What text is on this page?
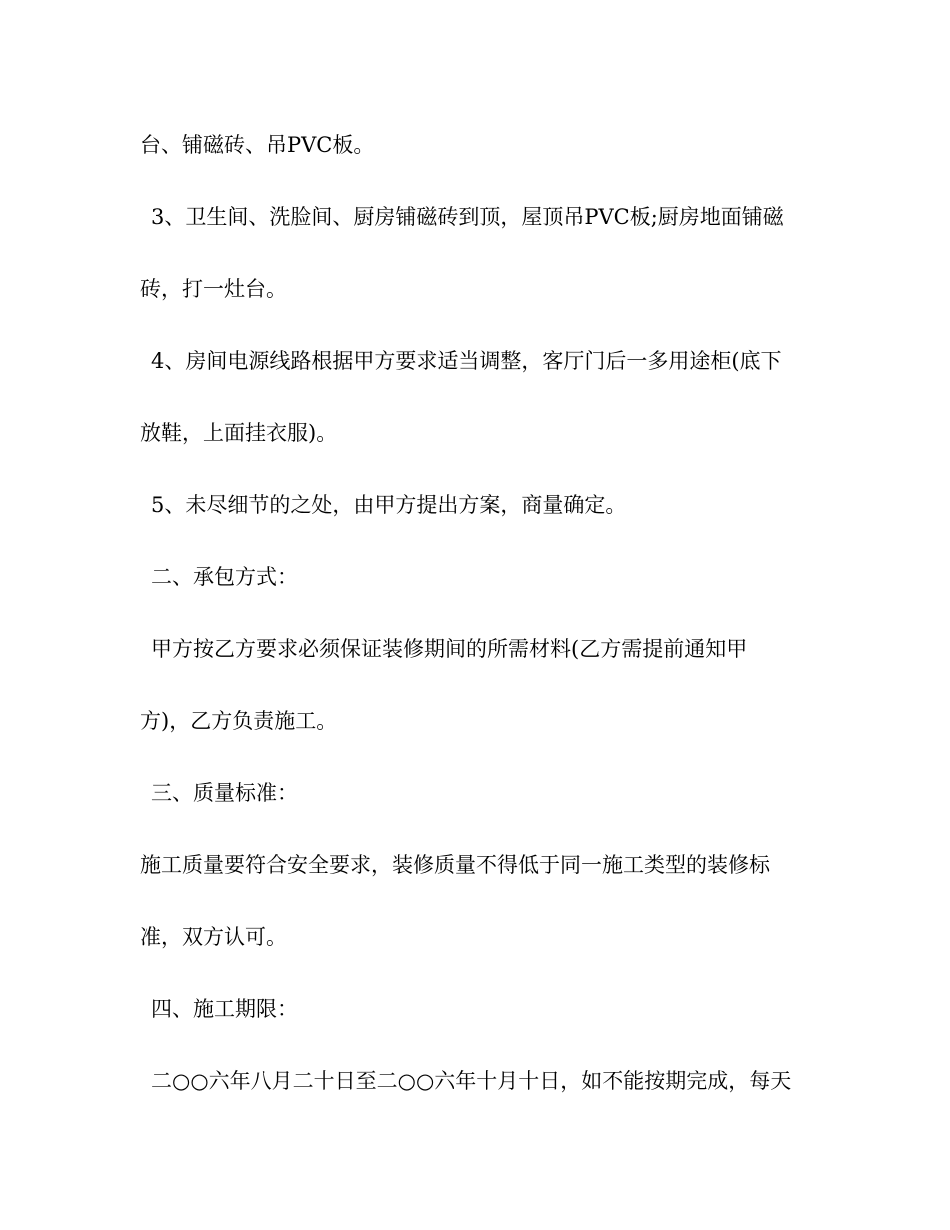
台、铺磁砖、吊PVC板。
3、卫生间、洗脸间、厨房铺磁砖到顶，屋顶吊PVC板;厨房地面铺磁
砖，打一灶台。
4、房间电源线路根据甲方要求适当调整，客厅门后一多用途柜(底下
放鞋，上面挂衣服)。
5、未尽细节的之处，由甲方提出方案，商量确定。
二、承包方式：
甲方按乙方要求必须保证装修期间的所需材料(乙方需提前通知甲
方)，乙方负责施工。
三、质量标准：
施工质量要符合安全要求，装修质量不得低于同一施工类型的装修标
准，双方认可。
四、施工期限：
二○○六年八月二十日至二○○六年十月十日，如不能按期完成，每天
